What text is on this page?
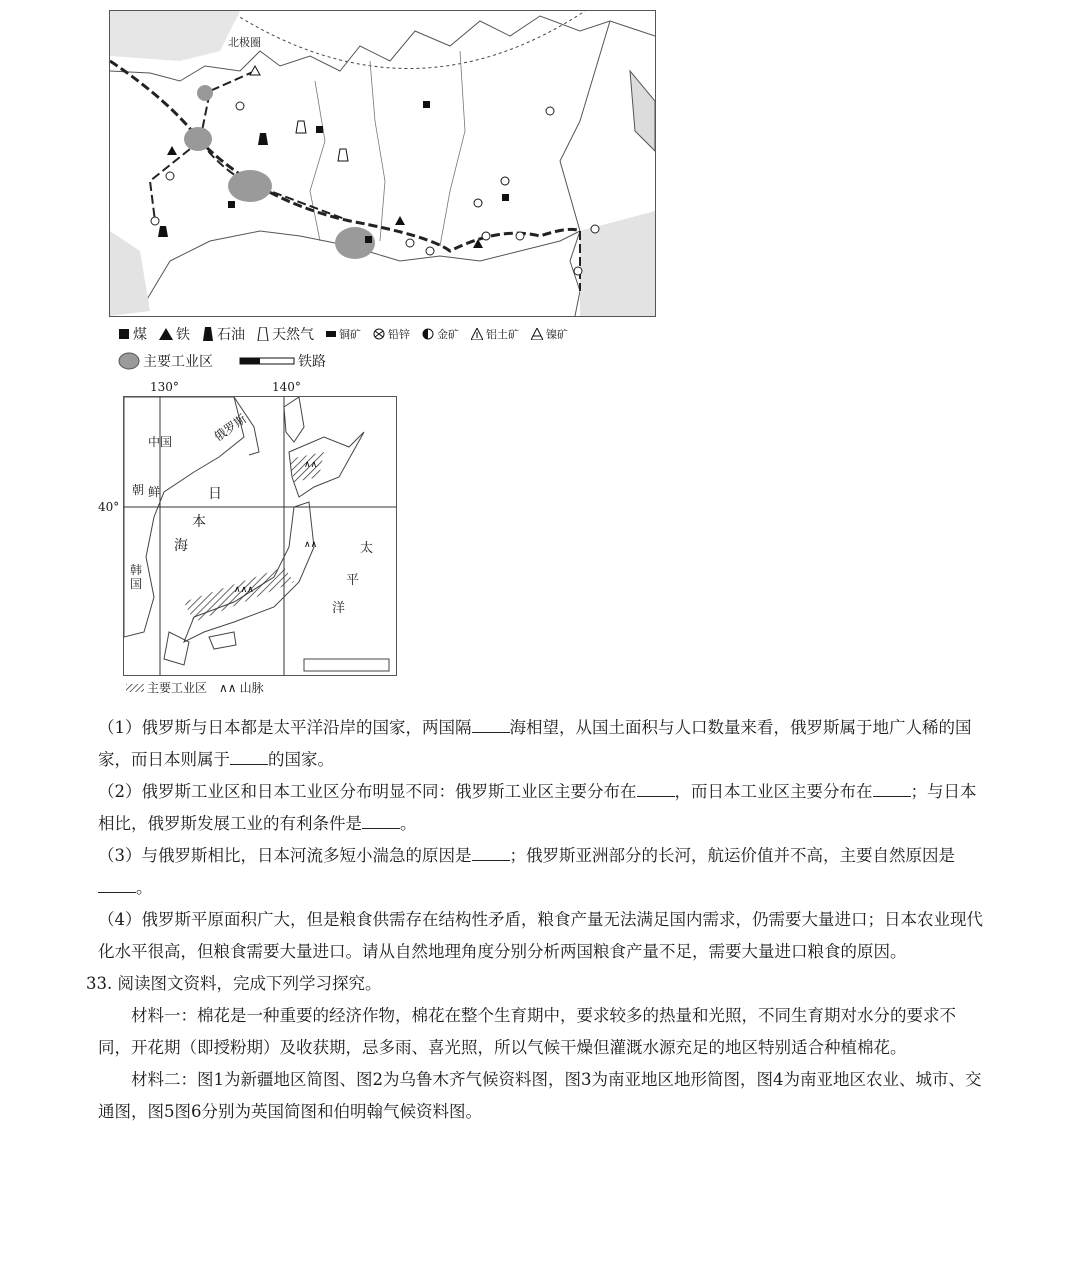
北极圈
煤 铁 石油 天然气 铜矿 铅锌 金矿 铝土矿 镍矿
主要工业区	铁路
130°	140°
40°
∧∧
∧∧∧
∧∧
中国	俄罗斯
朝 鲜
韩
国
日
本
海	太
平
洋
主要工业区 ∧∧ 山脉

（1）俄罗斯与日本都是太平洋沿岸的国家，两国隔 海相望，从国土面积与人口数量来看，俄罗斯属于地广人稀的国家，而日本则属于 的国家。

（2）俄罗斯工业区和日本工业区分布明显不同：俄罗斯工业区主要分布在 ，而日本工业区主要分布在 ；与日本相比，俄罗斯发展工业的有利条件是 。

（3）与俄罗斯相比，日本河流多短小湍急的原因是 ；俄罗斯亚洲部分的长河，航运价值并不高，主要自然原因是。

（4）俄罗斯平原面积广大，但是粮食供需存在结构性矛盾，粮食产量无法满足国内需求，仍需要大量进口；日本农业现代化水平很高，但粮食需要大量进口。请从自然地理角度分别分析两国粮食产量不足，需要大量进口粮食的原因。

33. 阅读图文资料，完成下列学习探究。

材料一：棉花是一种重要的经济作物，棉花在整个生育期中，要求较多的热量和光照，不同生育期对水分的要求不同，开花期（即授粉期）及收获期，忌多雨、喜光照，所以气候干燥但灌溉水源充足的地区特别适合种植棉花。

材料二：图1为新疆地区简图、图2为乌鲁木齐气候资料图，图3为南亚地区地形简图，图4为南亚地区农业、城市、交通图，图5图6分别为英国简图和伯明翰气候资料图。
